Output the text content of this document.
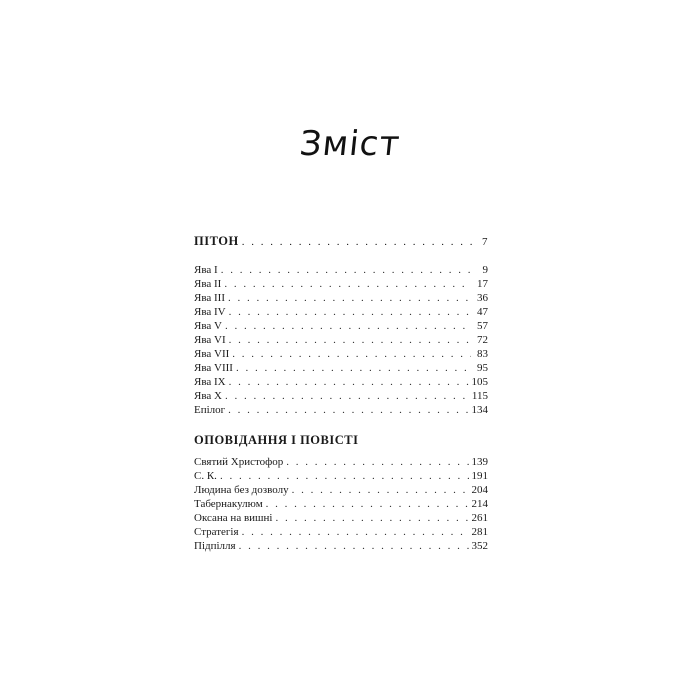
Зміст
ПІТОН . . .	7
Ява I . . .	9
Ява II . . .	17
Ява III . . .	36
Ява IV . . .	47
Ява V . . .	57
Ява VI . . .	72
Ява VII . . .	83
Ява VIII . . .	95
Ява IX . . .	105
Ява X . . .	115
Епілог . . .	134
ОПОВІДАННЯ І ПОВІСТІ
Святий Христофор . . .	139
С. К. . . .	191
Людина без дозволу . . .	204
Табернакулюм . . .	214
Оксана на вишні . . .	261
Стратегія . . .	281
Підпілля . . .	352
